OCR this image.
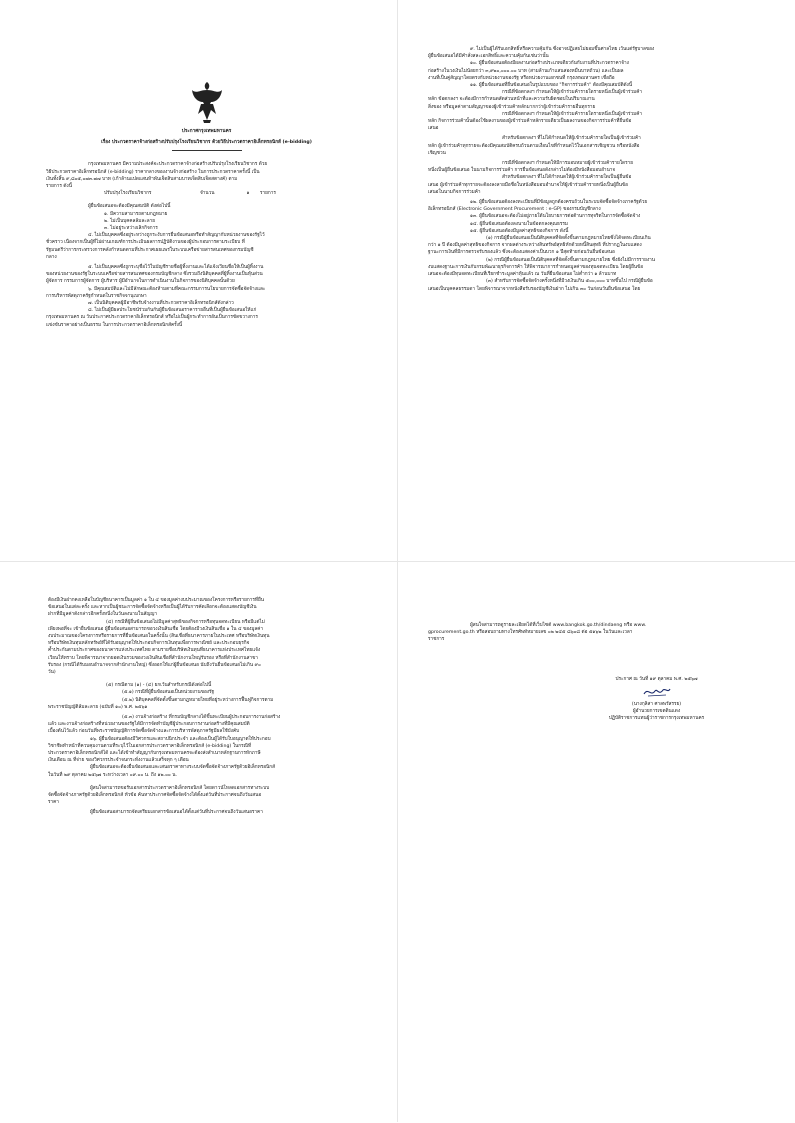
ประกาศกรุงเทพมหานคร

เรื่อง ประกวดราคาจ้างก่อสร้างปรับปรุงโรงเรียนวิชากร ด้วยวิธีประกวดราคาอิเล็กทรอนิกส์ (e-bidding)

กรุงเทพมหานคร มีความประสงค์จะประกวดราคาจ้างก่อสร้างปรับปรุงโรงเรียนวิชากร ด้วย

วิธีประกวดราคาอิเล็กทรอนิกส์ (e-bidding) ราคากลางของงานจ้างก่อสร้าง ในการประกวดราคาครั้งนี้ เป็น

เงินทั้งสิ้น ๙,๘๐๕,๐๗๓.๗๗ บาท (เก้าล้านแปดแสนห้าพันเจ็ดสิบสามบาทเจ็ดสิบเจ็ดสตางค์) ตาม

รายการ ดังนี้

ปรับปรุงโรงเรียนวิชากร	จำนวน	๑	รายการ

ผู้ยื่นข้อเสนอจะต้องมีคุณสมบัติ ดังต่อไปนี้

๑. มีความสามารถตามกฎหมาย

๒. ไม่เป็นบุคคลล้มละลาย

๓. ไม่อยู่ระหว่างเลิกกิจการ

๔. ไม่เป็นบุคคลซึ่งอยู่ระหว่างถูกระงับการยื่นข้อเสนอหรือทำสัญญากับหน่วยงานของรัฐไว้

ชั่วคราว เนื่องจากเป็นผู้ที่ไม่ผ่านเกณฑ์การประเมินผลการปฏิบัติงานของผู้ประกอบการตามระเบียบ ที่

รัฐมนตรีว่าการกระทรวงการคลังกำหนดตามที่ประกาศเผยแพร่ในระบบเครือข่ายสารสนเทศของกรมบัญชี

กลาง

๕. ไม่เป็นบุคคลซึ่งถูกระบุชื่อไว้ในบัญชีรายชื่อผู้ทิ้งงานและได้แจ้งเวียนชื่อให้เป็นผู้ทิ้งงาน

ของหน่วยงานของรัฐในระบบเครือข่ายสารสนเทศของกรมบัญชีกลาง ซึ่งรวมถึงนิติบุคคลที่ผู้ทิ้งงานเป็นหุ้นส่วน

ผู้จัดการ กรรมการผู้จัดการ ผู้บริหาร ผู้มีอำนาจในการดำเนินงานในกิจการของนิติบุคคลนั้นด้วย

๖. มีคุณสมบัติและไม่มีลักษณะต้องห้ามตามที่คณะกรรมการนโยบายการจัดซื้อจัดจ้างและ

การบริหารพัสดุภาครัฐกำหนดในราชกิจจานุเบกษา

๗. เป็นนิติบุคคลผู้มีอาชีพรับจ้างงานที่ประกวดราคาอิเล็กทรอนิกส์ดังกล่าว

๘. ไม่เป็นผู้มีผลประโยชน์ร่วมกันกับผู้ยื่นข้อเสนอราคารายอื่นที่เป็นผู้ยื่นข้อเสนอให้แก่

กรุงเทพมหานคร ณ วันประกาศประกวดราคาอิเล็กทรอนิกส์ หรือไม่เป็นผู้กระทำการอันเป็นการขัดขวางการ

แข่งขันราคาอย่างเป็นธรรม ในการประกวดราคาอิเล็กทรอนิกส์ครั้งนี้

๙. ไม่เป็นผู้ได้รับเอกสิทธิ์หรือความคุ้มกัน ซึ่งอาจปฏิเสธไม่ยอมขึ้นศาลไทย เว้นแต่รัฐบาลของ

ผู้ยื่นข้อเสนอได้มีคำสั่งสละเอกสิทธิ์และความคุ้มกันเช่นว่านั้น

๑๐. ผู้ยื่นข้อเสนอต้องมีผลงานก่อสร้างประเภทเดียวกันกับงานที่ประกวดราคาจ้าง

ก่อสร้างในวงเงินไม่น้อยกว่า ๓,๙๒๐,๐๐๐.๐๐ บาท (สามล้านเก้าแสนสองหมื่นบาทถ้วน) และเป็นผล

งานที่เป็นคู่สัญญาโดยตรงกับหน่วยงานของรัฐ หรือหน่วยงานเอกชนที่ กรุงเทพมหานคร เชื่อถือ

๑๑. ผู้ยื่นข้อเสนอที่ยื่นข้อเสนอในรูปแบบของ "กิจการร่วมค้า" ต้องมีคุณสมบัติดังนี้

กรณีที่ข้อตกลงฯ กำหนดให้ผู้เข้าร่วมค้ารายใดรายหนึ่งเป็นผู้เข้าร่วมค้า

หลัก ข้อตกลงฯ จะต้องมีการกำหนดสัดส่วนหน้าที่และความรับผิดชอบในปริมาณงาน

สิ่งของ หรือมูลค่าตามสัญญาของผู้เข้าร่วมค้าหลักมากกว่าผู้เข้าร่วมค้ารายอื่นทุกราย

กรณีที่ข้อตกลงฯ กำหนดให้ผู้เข้าร่วมค้ารายใดรายหนึ่งเป็นผู้เข้าร่วมค้า

หลัก กิจการร่วมค้านั้นต้องใช้ผลงานของผู้เข้าร่วมค้าหลักรายเดียวเป็นผลงานของกิจการร่วมค้าที่ยื่นข้อ

เสนอ

สำหรับข้อตกลงฯ ที่ไม่ได้กำหนดให้ผู้เข้าร่วมค้ารายใดเป็นผู้เข้าร่วมค้า

หลัก ผู้เข้าร่วมค้าทุกรายจะต้องมีคุณสมบัติครบถ้วนตามเงื่อนไขที่กำหนดไว้ในเอกสารเชิญชวน หรือหนังสือ

เชิญชวน

กรณีที่ข้อตกลงฯ กำหนดให้มีการมอบหมายผู้เข้าร่วมค้ารายใดราย

หนึ่งเป็นผู้ยื่นข้อเสนอ ในนามกิจการร่วมค้า การยื่นข้อเสนอดังกล่าวไม่ต้องมีหนังสือมอบอำนาจ

สำหรับข้อตกลงฯ ที่ไม่ได้กำหนดให้ผู้เข้าร่วมค้ารายใดเป็นผู้ยื่นข้อ

เสนอ ผู้เข้าร่วมค้าทุกรายจะต้องลงลายมือชื่อในหนังสือมอบอำนาจให้ผู้เข้าร่วมค้ารายหนึ่งเป็นผู้ยื่นข้อ

เสนอในนามกิจการร่วมค้า

๑๒. ผู้ยื่นข้อเสนอต้องลงทะเบียนที่มีข้อมูลถูกต้องครบถ้วนในระบบจัดซื้อจัดจ้างภาครัฐด้วย

อิเล็กทรอนิกส์ (Electronic Government Procurement : e-GP) ของกรมบัญชีกลาง

๑๓. ผู้ยื่นข้อเสนอจะต้องไม่อยู่ภายใต้นโยบายการต่อต้านการทุจริตในการจัดซื้อจัดจ้าง

๑๔. ผู้ยื่นข้อเสนอต้องลงนามในข้อตกลงคุณธรรม

๑๕. ผู้ยื่นข้อเสนอต้องมีมูลค่าสุทธิของกิจการ ดังนี้

(๑) กรณีผู้ยื่นข้อเสนอเป็นนิติบุคคลที่จัดตั้งขึ้นตามกฎหมายไทยซึ่งได้จดทะเบียนเกิน

กว่า ๑ ปี ต้องมีมูลค่าสุทธิของกิจการ จากผลต่างระหว่างสินทรัพย์สุทธิหักด้วยหนี้สินสุทธิ ที่ปรากฏในงบแสดง

ฐานะการเงินที่มีการตรวจรับรองแล้ว ซึ่งจะต้องแสดงค่าเป็นบวก ๑ ปีสุดท้ายก่อนวันยื่นข้อเสนอ

(๒) กรณีผู้ยื่นข้อเสนอเป็นนิติบุคคลที่จัดตั้งขึ้นตามกฎหมายไทย ซึ่งยังไม่มีการรายงาน

งบแสดงฐานะการเงินกับกรมพัฒนาธุรกิจการค้า ให้พิจารณาการกำหนดมูลค่าของทุนจดทะเบียน โดยผู้ยื่นข้อ

เสนอจะต้องมีทุนจดทะเบียนที่เรียกชำระมูลค่าหุ้นแล้ว ณ วันที่ยื่นข้อเสนอ ไม่ต่ำกว่า ๑ ล้านบาท

(๓) สำหรับการจัดซื้อจัดจ้างครั้งหนึ่งที่มีวงเงินเกิน ๕๐๐,๐๐๐ บาทขึ้นไป กรณีผู้ยื่นข้อ

เสนอเป็นบุคคลธรรมดา โดยพิจารณาจากหนังสือรับรองบัญชีเงินฝาก ไม่เกิน ๓๐ วันก่อนวันยื่นข้อเสนอ โดย

ต้องมีเงินฝากคงเหลือในบัญชีธนาคารเป็นมูลค่า ๑ ใน ๔ ของมูลค่างบประมาณของโครงการหรือรายการที่ยื่น

ข้อเสนอในแต่ละครั้ง และหากเป็นผู้ชนะการจัดซื้อจัดจ้างหรือเป็นผู้ได้รับการคัดเลือกจะต้องแสดงบัญชีเงิน

ฝากที่มีมูลค่าดังกล่าวอีกครั้งหนึ่งในวันลงนามในสัญญา

(๔) กรณีที่ผู้ยื่นข้อเสนอไม่มีมูลค่าสุทธิของกิจการหรือทุนจดทะเบียน หรือมีแต่ไม่

เพียงพอที่จะ เข้ายื่นข้อเสนอ ผู้ยื่นข้อเสนอสามารถขอวงเงินสินเชื่อ โดยต้องมีวงเงินสินเชื่อ ๑ ใน ๔ ของมูลค่า

งบประมาณของโครงการหรือรายการที่ยื่นข้อเสนอในครั้งนั้น (สินเชื่อที่ธนาคารภายในประเทศ หรือบริษัทเงินทุน

หรือบริษัทเงินทุนหลักทรัพย์ที่ได้รับอนุญาตให้ประกอบกิจการเงินทุนเพื่อการพาณิชย์ และประกอบธุรกิจ

ค้ำประกันตามประกาศของธนาคารแห่งประเทศไทย ตามรายชื่อบริษัทเงินทุนที่ธนาคารแห่งประเทศไทยแจ้ง

เวียนให้ทราบ โดยพิจารณาจากยอดเงินรวมของวงเงินสินเชื่อที่สำนักงานใหญ่รับรอง หรือที่สำนักงานสาขา

รับรอง (กรณีได้รับมอบอำนาจจากสำนักงานใหญ่) ซึ่งออกให้แก่ผู้ยื่นข้อเสนอ นับถึงวันยื่นข้อเสนอไม่เกิน ๙๐

วัน)

(๕) กรณีตาม (๑) - (๔) ยกเว้นสำหรับกรณีดังต่อไปนี้

(๕.๑) กรณีที่ผู้ยื่นข้อเสนอเป็นหน่วยงานของรัฐ

(๕.๒) นิติบุคคลที่จัดตั้งขึ้นตามกฎหมายไทยที่อยู่ระหว่างการฟื้นฟูกิจการตาม

พระราชบัญญัติล้มละลาย (ฉบับที่ ๑๐) พ.ศ. ๒๕๖๑

(๕.๓) งานจ้างก่อสร้าง ที่กรมบัญชีกลางได้ขึ้นทะเบียนผู้ประกอบการงานก่อสร้าง

แล้ว และงานจ้างก่อสร้างที่หน่วยงานของรัฐได้มีการจัดทำบัญชีผู้ประกอบการงานก่อสร้างที่มีคุณสมบัติ

เบื้องต้นไว้แล้ว ก่อนวันที่พระราชบัญญัติการจัดซื้อจัดจ้างและการบริหารพัสดุภาครัฐมีผลใช้บังคับ

๑๖. ผู้ยื่นข้อเสนอต้องมีวิศวกรและสถาปนิกประจำ และต้องเป็นผู้ได้รับใบอนุญาตให้ประกอบ

วิชาชีพทำหน้าที่ควบคุมงานตามที่ระบุไว้ในเอกสารประกวดราคาอิเล็กทรอนิกส์ (e-bidding) ในกรณีที่

ประกวดราคาอิเล็กทรอนิกส์ได้ และได้เข้าทำสัญญากับกรุงเทพมหานครจะต้องส่งสำเนาหลักฐานการหักภาษี

เงินเดือน ณ ที่จ่าย ของวิศวกรประจำจนกระทั่งงานแล้วเสร็จทุก ๆ เดือน

ผู้ยื่นข้อเสนอจะต้องยื่นข้อเสนอและเสนอราคาทางระบบจัดซื้อจัดจ้างภาครัฐด้วยอิเล็กทรอนิกส์

ในวันที่ ๒๙ ตุลาคม ๒๕๖๗ ระหว่างเวลา ๐๙.๐๐ น. ถึง ๑๒.๐๐ น.

ผู้สนใจสามารถขอรับเอกสารประกวดราคาอิเล็กทรอนิกส์ โดยดาวน์โหลดเอกสารทางระบบ

จัดซื้อจัดจ้างภาครัฐด้วยอิเล็กทรอนิกส์ หัวข้อ ค้นหาประกาศจัดซื้อจัดจ้างได้ตั้งแต่วันที่ประกาศจนถึงวันเสนอ

ราคา

ผู้ยื่นข้อเสนอสามารถจัดเตรียมเอกสารข้อเสนอได้ตั้งแต่วันที่ประกาศจนถึงวันเสนอราคา

ผู้สนใจสามารถดูรายละเอียดได้ที่เว็บไซต์ www.bangkok.go.th/dindaeng หรือ www.

gprocurement.go.th หรือสอบถามทางโทรศัพท์หมายเลข ๐๒ ๒๔๕ ๘๖๐๘ ต่อ ๕๑๖๒ ในวันและเวลา

ราชการ

ประกาศ ณ วันที่ ๑๙ ตุลาคม พ.ศ. ๒๕๖๗

(นางกุลิสา ศาลพรัสรรย)

ผู้อำนวยการเขตดินแดง

ปฏิบัติราชการแทนผู้ว่าราชการกรุงเทพมหานคร
